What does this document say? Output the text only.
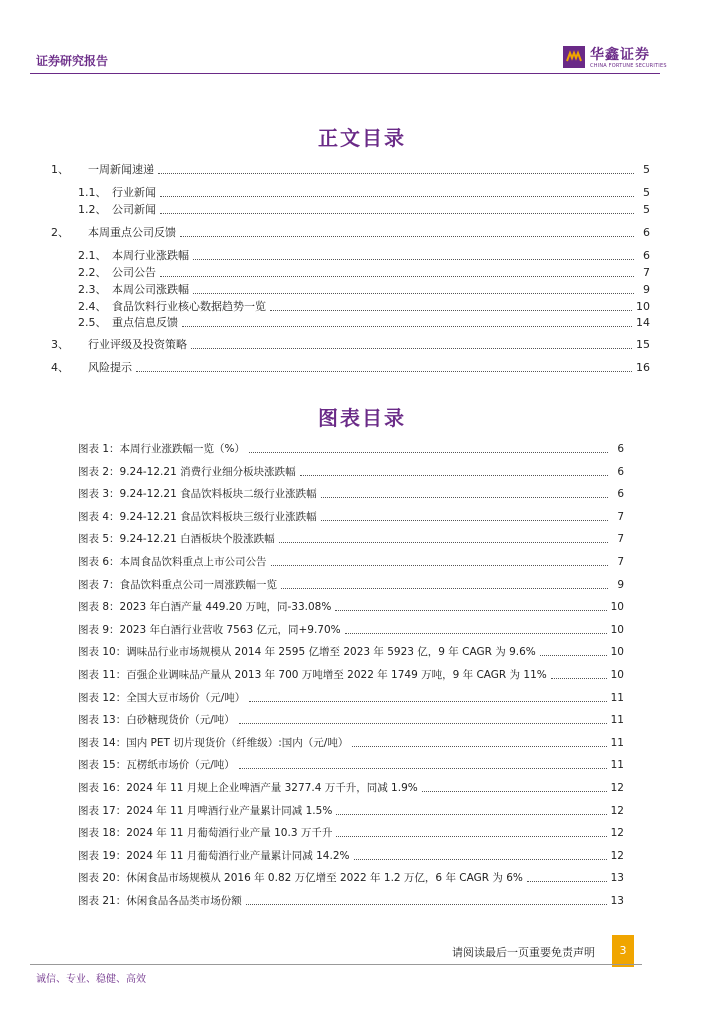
证券研究报告	华鑫证券
CHINA FORTUNE SECURITIES
正文目录
1、	一周新闻速递	5
1.1、 行业新闻	5
1.2、 公司新闻	5
2、	本周重点公司反馈	6
2.1、 本周行业涨跌幅	6
2.2、 公司公告	7
2.3、 本周公司涨跌幅	9
2.4、 食品饮料行业核心数据趋势一览	10
2.5、 重点信息反馈	14
3、	行业评级及投资策略	15
4、	风险提示	16
图表目录
图表 1：本周行业涨跌幅一览（%）	6
图表 2：9.24-12.21 消费行业细分板块涨跌幅	6
图表 3：9.24-12.21 食品饮料板块二级行业涨跌幅	6
图表 4：9.24-12.21 食品饮料板块三级行业涨跌幅	7
图表 5：9.24-12.21 白酒板块个股涨跌幅	7
图表 6：本周食品饮料重点上市公司公告	7
图表 7：食品饮料重点公司一周涨跌幅一览	9
图表 8：2023 年白酒产量 449.20 万吨，同-33.08%	10
图表 9：2023 年白酒行业营收 7563 亿元，同+9.70%	10
图表 10：调味品行业市场规模从 2014 年 2595 亿增至 2023 年 5923 亿，9 年 CAGR 为 9.6%	10
图表 11：百强企业调味品产量从 2013 年 700 万吨增至 2022 年 1749 万吨，9 年 CAGR 为 11%	10
图表 12：全国大豆市场价（元/吨）	11
图表 13：白砂糖现货价（元/吨）	11
图表 14：国内 PET 切片现货价（纤维级）:国内（元/吨）	11
图表 15：瓦楞纸市场价（元/吨）	11
图表 16：2024 年 11 月规上企业啤酒产量 3277.4 万千升，同减 1.9%	12
图表 17：2024 年 11 月啤酒行业产量累计同减 1.5%	12
图表 18：2024 年 11 月葡萄酒行业产量 10.3 万千升	12
图表 19：2024 年 11 月葡萄酒行业产量累计同减 14.2%	12
图表 20：休闲食品市场规模从 2016 年 0.82 万亿增至 2022 年 1.2 万亿，6 年 CAGR 为 6%	13
图表 21：休闲食品各品类市场份额	13
请阅读最后一页重要免责声明	3
诚信、专业、稳健、高效
